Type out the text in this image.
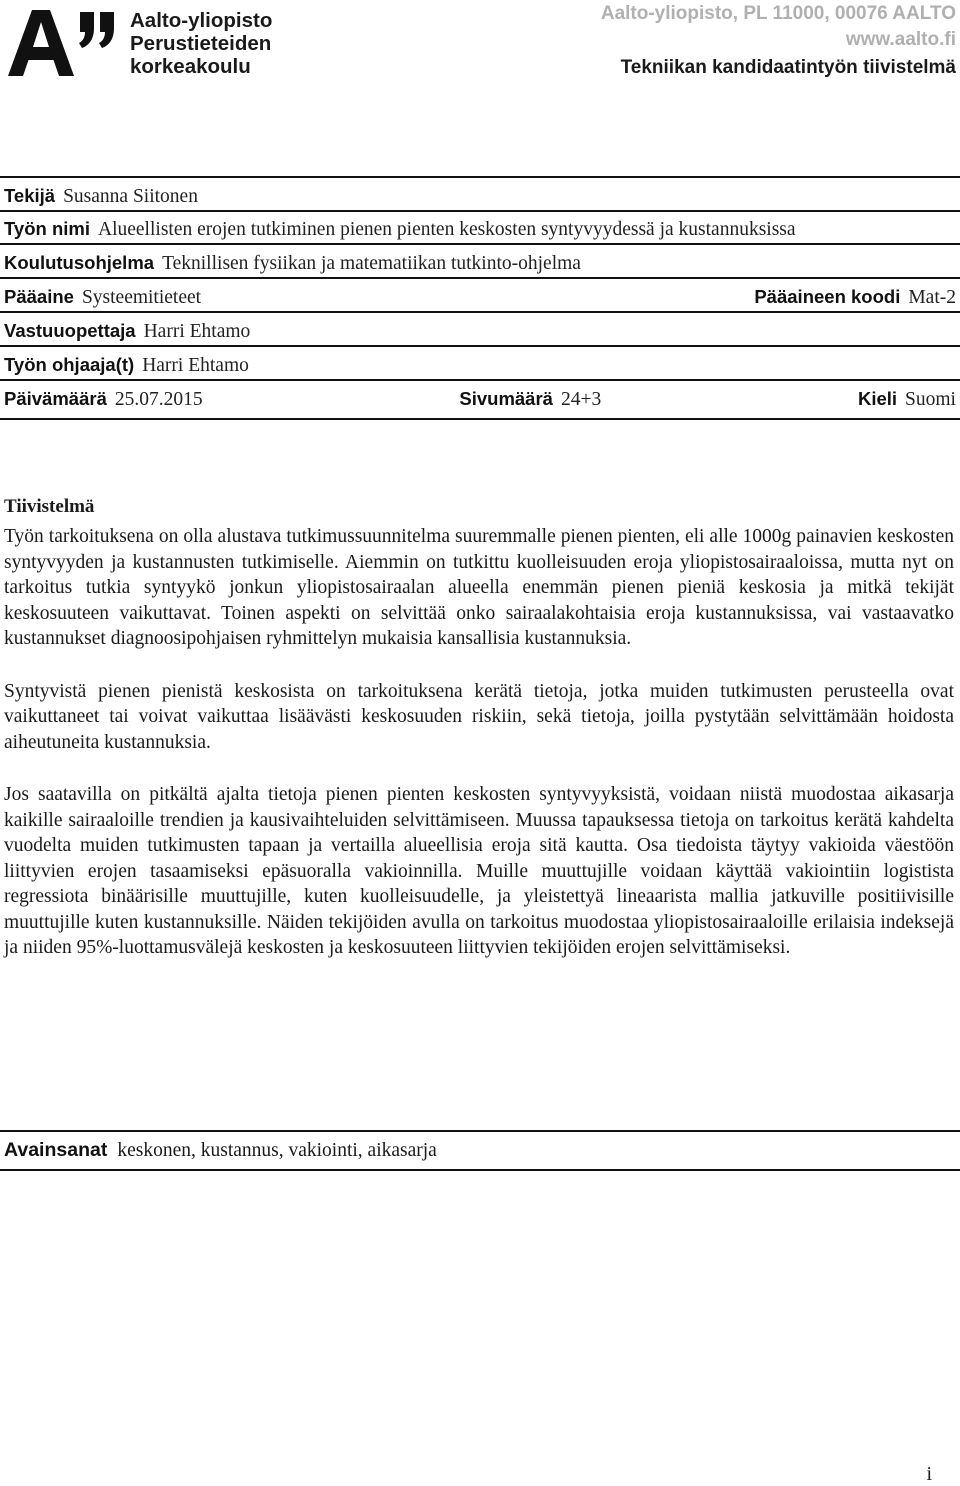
Aalto-yliopisto
Perustieteiden
korkeakoulu
Aalto-yliopisto, PL 11000, 00076 AALTO
www.aalto.fi
Tekniikan kandidaatintyön tiivistelmä
Tekijä Susanna Siitonen
Työn nimi Alueellisten erojen tutkiminen pienen pienten keskosten syntyvyydessä ja kustannuksissa
Koulutusohjelma Teknillisen fysiikan ja matematiikan tutkinto-ohjelma
Pääaine Systeemitieteet	Pääaineen koodi Mat-2
Vastuuopettaja Harri Ehtamo
Työn ohjaaja(t) Harri Ehtamo
Päivämäärä 25.07.2015	Sivumäärä 24+3	Kieli Suomi
Tiivistelmä

Työn tarkoituksena on olla alustava tutkimussuunnitelma suuremmalle pienen pienten, eli alle 1000g painavien keskosten syntyvyyden ja kustannusten tutkimiselle. Aiemmin on tutkittu kuolleisuuden eroja yliopistosairaaloissa, mutta nyt on tarkoitus tutkia syntyykö jonkun yliopistosairaalan alueella enemmän pienen pieniä keskosia ja mitkä tekijät keskosuuteen vaikuttavat. Toinen aspekti on selvittää onko sairaalakohtaisia eroja kustannuksissa, vai vastaavatko kustannukset diagnoosipohjaisen ryhmittelyn mukaisia kansallisia kustannuksia.

Syntyvistä pienen pienistä keskosista on tarkoituksena kerätä tietoja, jotka muiden tutkimusten perusteella ovat vaikuttaneet tai voivat vaikuttaa lisäävästi keskosuuden riskiin, sekä tietoja, joilla pystytään selvittämään hoidosta aiheutuneita kustannuksia.

Jos saatavilla on pitkältä ajalta tietoja pienen pienten keskosten syntyvyyksistä, voidaan niistä muodostaa aikasarja kaikille sairaaloille trendien ja kausivaihteluiden selvittämiseen. Muussa tapauksessa tietoja on tarkoitus kerätä kahdelta vuodelta muiden tutkimusten tapaan ja vertailla alueellisia eroja sitä kautta. Osa tiedoista täytyy vakioida väestöön liittyvien erojen tasaamiseksi epäsuoralla vakioinnilla. Muille muuttujille voidaan käyttää vakiointiin logistista regressiota binäärisille muuttujille, kuten kuolleisuudelle, ja yleistettyä lineaarista mallia jatkuville positiivisille muuttujille kuten kustannuksille. Näiden tekijöiden avulla on tarkoitus muodostaa yliopistosairaaloille erilaisia indeksejä ja niiden 95%-luottamusvälejä keskosten ja keskosuuteen liittyvien tekijöiden erojen selvittämiseksi.

Avainsanat keskonen, kustannus, vakiointi, aikasarja
i
